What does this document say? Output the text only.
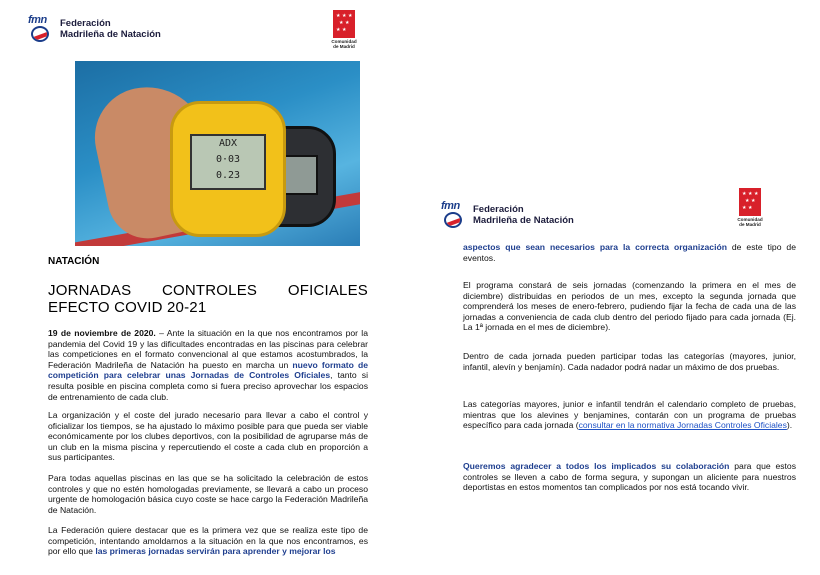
fmn Federación
Madrileña de Natación
★ ★ ★
★ ★
★ ★
Comunidad
de Madrid
ADX
0·03
0.23
NATACIÓN
JORNADAS CONTROLES OFICIALES
EFECTO COVID 20-21
19 de noviembre de 2020. – Ante la situación en la que nos encontramos por la pandemia del Covid 19 y las dificultades encontradas en las piscinas para celebrar las competiciones en el formato convencional al que estamos acostumbrados, la Federación Madrileña de Natación ha puesto en marcha un nuevo formato de competición para celebrar unas Jornadas de Controles Oficiales, tanto si resulta posible en piscina completa como si fuera preciso aprovechar los espacios de entrenamiento de cada club.
La organización y el coste del jurado necesario para llevar a cabo el control y oficializar los tiempos, se ha ajustado lo máximo posible para que pueda ser viable económicamente por los clubes deportivos, con la posibilidad de agruparse más de un club en la misma piscina y repercutiendo el coste a cada club en proporción a sus participantes.
Para todas aquellas piscinas en las que se ha solicitado la celebración de estos controles y que no estén homologadas previamente, se llevará a cabo un proceso urgente de homologación básica cuyo coste se hace cargo la Federación Madrileña de Natación.
La Federación quiere destacar que es la primera vez que se realiza este tipo de competición, intentando amoldarnos a la situación en la que nos encontramos, es por ello que las primeras jornadas servirán para aprender y mejorar los
fmn Federación
Madrileña de Natación
★ ★ ★
★ ★
★ ★
Comunidad
de Madrid
aspectos que sean necesarios para la correcta organización de este tipo de eventos.
El programa constará de seis jornadas (comenzando la primera en el mes de diciembre) distribuidas en periodos de un mes, excepto la segunda jornada que comprenderá los meses de enero-febrero, pudiendo fijar la fecha de cada una de las jornadas a conveniencia de cada club dentro del periodo fijado para cada jornada (Ej. La 1ª jornada en el mes de diciembre).
Dentro de cada jornada pueden participar todas las categorías (mayores, junior, infantil, alevín y benjamín). Cada nadador podrá nadar un máximo de dos pruebas.
Las categorías mayores, junior e infantil tendrán el calendario completo de pruebas, mientras que los alevines y benjamines, contarán con un programa de pruebas específico para cada jornada (consultar en la normativa Jornadas Controles Oficiales).
Queremos agradecer a todos los implicados su colaboración para que estos controles se lleven a cabo de forma segura, y supongan un aliciente para nuestros deportistas en estos momentos tan complicados por nos está tocando vivir.
